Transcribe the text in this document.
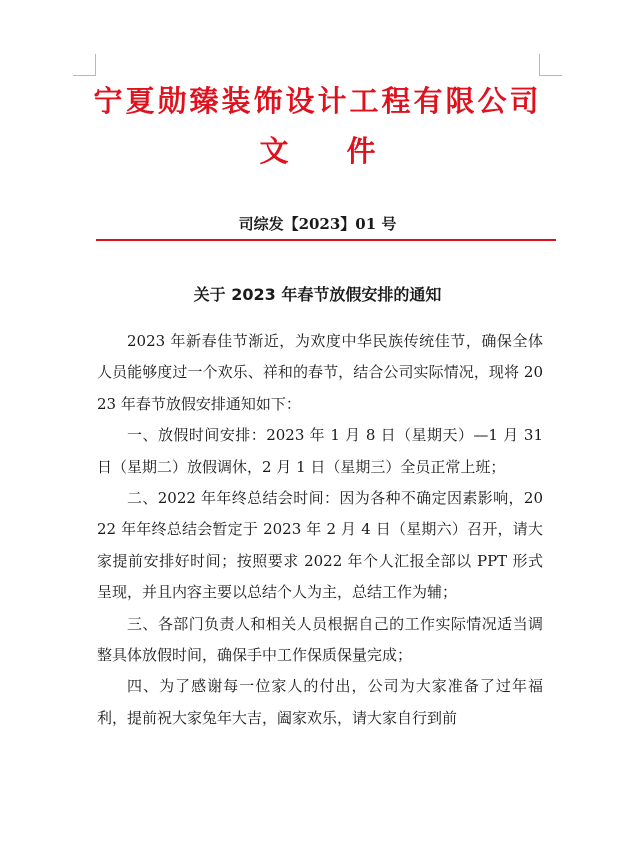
宁夏勋臻装饰设计工程有限公司
文 件
司综发【2023】01 号
关于 2023 年春节放假安排的通知

2023 年新春佳节渐近，为欢度中华民族传统佳节，确保全体人员能够度过一个欢乐、祥和的春节，结合公司实际情况，现将 2023 年春节放假安排通知如下：

一、放假时间安排：2023 年 1 月 8 日（星期天）—1 月 31 日（星期二）放假调休，2 月 1 日（星期三）全员正常上班；

二、2022 年年终总结会时间：因为各种不确定因素影响，2022 年年终总结会暂定于 2023 年 2 月 4 日（星期六）召开，请大家提前安排好时间；按照要求 2022 年个人汇报全部以 PPT 形式呈现，并且内容主要以总结个人为主，总结工作为辅；

三、各部门负责人和相关人员根据自己的工作实际情况适当调整具体放假时间，确保手中工作保质保量完成；

四、为了感谢每一位家人的付出，公司为大家准备了过年福利，提前祝大家兔年大吉，阖家欢乐，请大家自行到前
